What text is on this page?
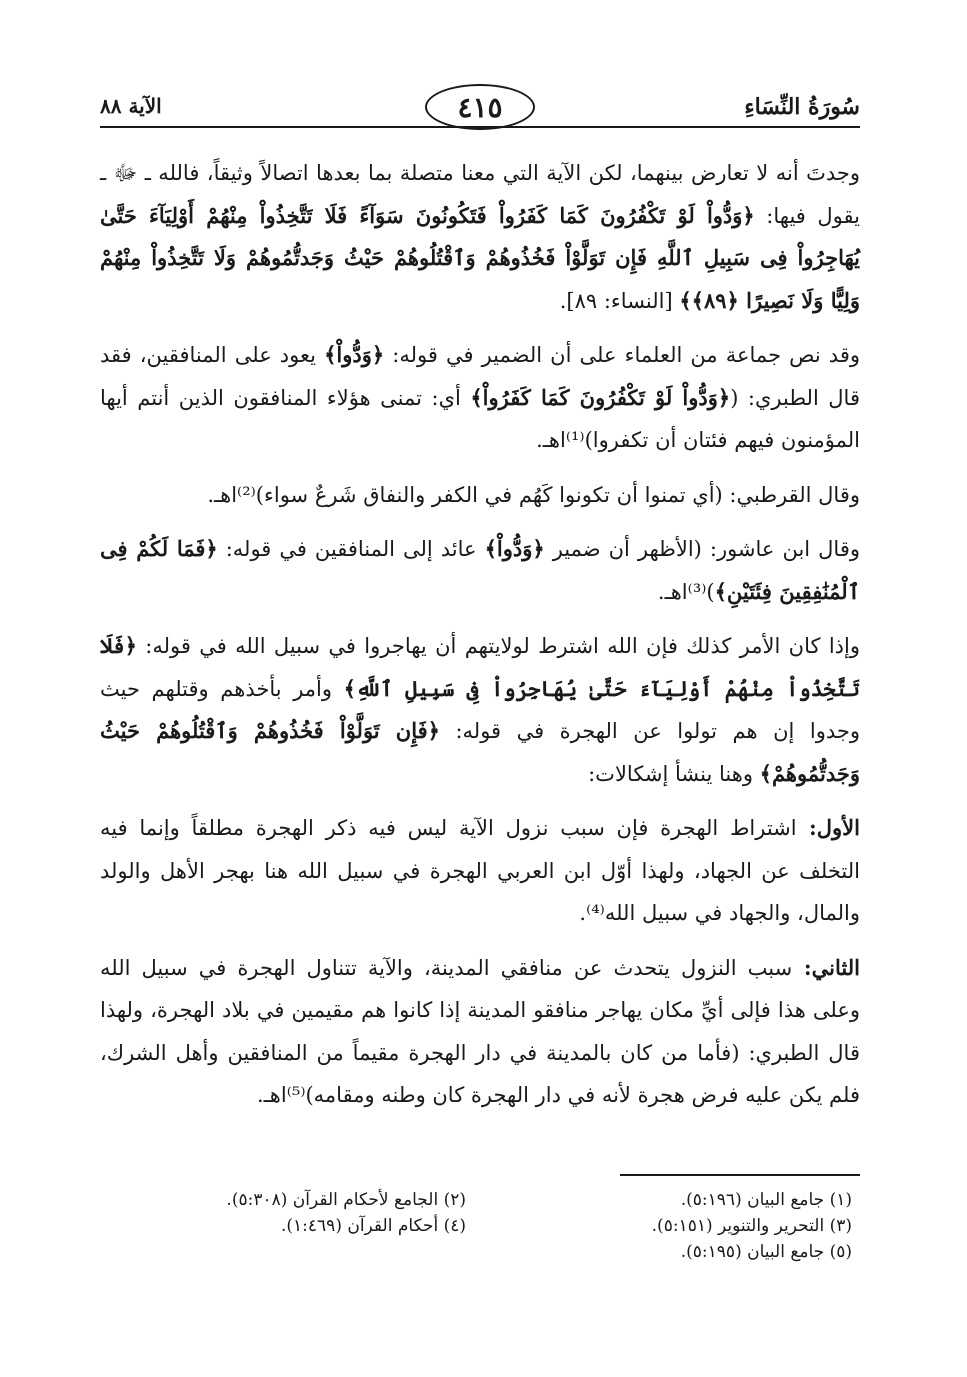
سُورَةُ النِّسَاءِ
٤١٥
الآية ٨٨

وجدتَ أنه لا تعارض بينهما، لكن الآية التي معنا متصلة بما بعدها اتصالاً وثيقاً، فالله ـ ﷻ ـ يقول فيها: ﴿وَدُّواْ لَوْ تَكْفُرُونَ كَمَا كَفَرُواْ فَتَكُونُونَ سَوَآءً فَلَا تَتَّخِذُواْ مِنْهُمْ أَوْلِيَآءَ حَتَّىٰ يُهَاجِرُواْ فِى سَبِيلِ ٱللَّهِ فَإِن تَوَلَّوْاْ فَخُذُوهُمْ وَٱقْتُلُوهُمْ حَيْثُ وَجَدتُّمُوهُمْ وَلَا تَتَّخِذُواْ مِنْهُمْ وَلِيًّا وَلَا نَصِيرًا ﴿٨٩﴾﴾ [النساء: ٨٩].

وقد نص جماعة من العلماء على أن الضمير في قوله: ﴿وَدُّواْ﴾ يعود على المنافقين، فقد قال الطبري: (﴿وَدُّواْ لَوْ تَكْفُرُونَ كَمَا كَفَرُواْ﴾ أي: تمنى هؤلاء المنافقون الذين أنتم أيها المؤمنون فيهم فئتان أن تكفروا)⁽¹⁾اهـ.

وقال القرطبي: (أي تمنوا أن تكونوا كَهُم في الكفر والنفاق شَرعٌ سواء)⁽²⁾اهـ.

وقال ابن عاشور: (الأظهر أن ضمير ﴿وَدُّواْ﴾ عائد إلى المنافقين في قوله: ﴿فَمَا لَكُمْ فِى ٱلْمُنَٰفِقِينَ فِئَتَيْنِ﴾)⁽³⁾اهـ.

وإذا كان الأمر كذلك فإن الله اشترط لولايتهم أن يهاجروا في سبيل الله في قوله: ﴿فَلَا تَتَّخِذُواْ مِنْهُمْ أَوْلِيَآءَ حَتَّىٰ يُهَاجِرُواْ فِى سَبِيلِ ٱللَّهِ﴾ وأمر بأخذهم وقتلهم حيث وجدوا إن هم تولوا عن الهجرة في قوله: ﴿فَإِن تَوَلَّوْاْ فَخُذُوهُمْ وَٱقْتُلُوهُمْ حَيْثُ وَجَدتُّمُوهُمْ﴾ وهنا ينشأ إشكالات:

الأول: اشتراط الهجرة فإن سبب نزول الآية ليس فيه ذكر الهجرة مطلقاً وإنما فيه التخلف عن الجهاد، ولهذا أوّل ابن العربي الهجرة في سبيل الله هنا بهجر الأهل والولد والمال، والجهاد في سبيل الله⁽⁴⁾.

الثاني: سبب النزول يتحدث عن منافقي المدينة، والآية تتناول الهجرة في سبيل الله وعلى هذا فإلى أيِّ مكان يهاجر منافقو المدينة إذا كانوا هم مقيمين في بلاد الهجرة، ولهذا قال الطبري: (فأما من كان بالمدينة في دار الهجرة مقيماً من المنافقين وأهل الشرك، فلم يكن عليه فرض هجرة لأنه في دار الهجرة كان وطنه ومقامه)⁽⁵⁾اهـ.

(١) جامع البيان (٥:١٩٦).
(٢) الجامع لأحكام القرآن (٥:٣٠٨).
(٣) التحرير والتنوير (٥:١٥١).
(٤) أحكام القرآن (١:٤٦٩).
(٥) جامع البيان (٥:١٩٥).
